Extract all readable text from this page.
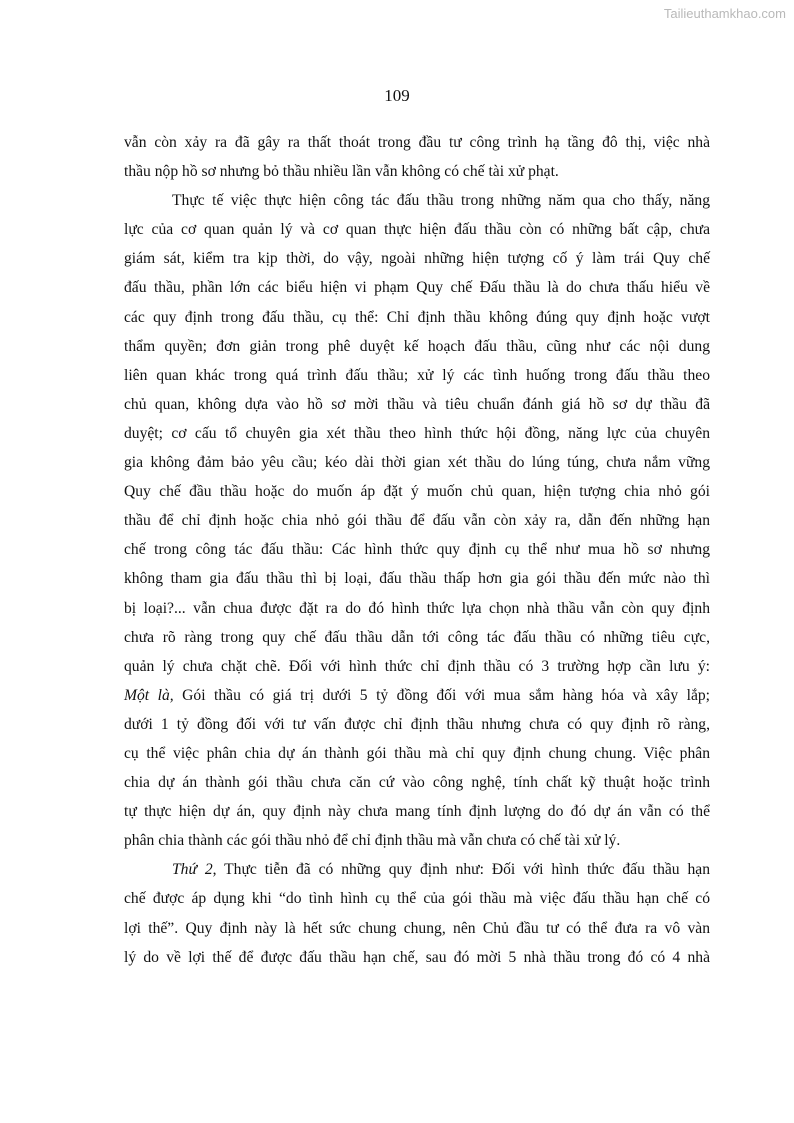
Tailieuthamkhao.com
109
vẫn còn xảy ra đã gây ra thất thoát trong đầu tư công trình hạ tầng đô thị, việc nhà
thầu nộp hồ sơ nhưng bỏ thầu nhiều lần vẫn không có chế tài xử phạt.
Thực tế việc thực hiện công tác đấu thầu trong những năm qua cho thấy, năng
lực của cơ quan quản lý và cơ quan thực hiện đấu thầu còn có những bất cập, chưa
giám sát, kiểm tra kịp thời, do vậy, ngoài những hiện tượng cố ý làm trái Quy chế
đấu thầu, phần lớn các biểu hiện vi phạm Quy chế Đấu thầu là do chưa thấu hiểu về
các quy định trong đấu thầu, cụ thể: Chỉ định thầu không đúng quy định hoặc vượt
thẩm quyền; đơn giản trong phê duyệt kế hoạch đấu thầu, cũng như các nội dung
liên quan khác trong quá trình đấu thầu; xử lý các tình huống trong đấu thầu theo
chủ quan, không dựa vào hồ sơ mời thầu và tiêu chuẩn đánh giá hồ sơ dự thầu đã
duyệt; cơ cấu tổ chuyên gia xét thầu theo hình thức hội đồng, năng lực của chuyên
gia không đảm bảo yêu cầu; kéo dài thời gian xét thầu do lúng túng, chưa nắm vững
Quy chế đầu thầu hoặc do muốn áp đặt ý muốn chủ quan, hiện tượng chia nhỏ gói
thầu để chỉ định hoặc chia nhỏ gói thầu để đấu vẫn còn xảy ra, dẫn đến những hạn
chế trong công tác đấu thầu: Các hình thức quy định cụ thể như mua hồ sơ nhưng
không tham gia đấu thầu thì bị loại, đấu thầu thấp hơn gia gói thầu đến mức nào thì
bị loại?... vẫn chua được đặt ra do đó hình thức lựa chọn nhà thầu vẫn còn quy định
chưa rõ ràng trong quy chế đấu thầu dẫn tới công tác đấu thầu có những tiêu cực,
quản lý chưa chặt chẽ. Đối với hình thức chỉ định thầu có 3 trường hợp cần lưu ý:
Một là, Gói thầu có giá trị dưới 5 tỷ đồng đối với mua sắm hàng hóa và xây lắp;
dưới 1 tỷ đồng đối với tư vấn được chỉ định thầu nhưng chưa có quy định rõ ràng,
cụ thể việc phân chia dự án thành gói thầu mà chỉ quy định chung chung. Việc phân
chia dự án thành gói thầu chưa căn cứ vào công nghệ, tính chất kỹ thuật hoặc trình
tự thực hiện dự án, quy định này chưa mang tính định lượng do đó dự án vẫn có thể
phân chia thành các gói thầu nhỏ để chỉ định thầu mà vẫn chưa có chế tài xử lý.
Thứ 2, Thực tiễn đã có những quy định như: Đối với hình thức đấu thầu hạn
chế được áp dụng khi “do tình hình cụ thể của gói thầu mà việc đấu thầu hạn chế có
lợi thế”. Quy định này là hết sức chung chung, nên Chủ đầu tư có thể đưa ra vô vàn
lý do về lợi thế để được đấu thầu hạn chế, sau đó mời 5 nhà thầu trong đó có 4 nhà
